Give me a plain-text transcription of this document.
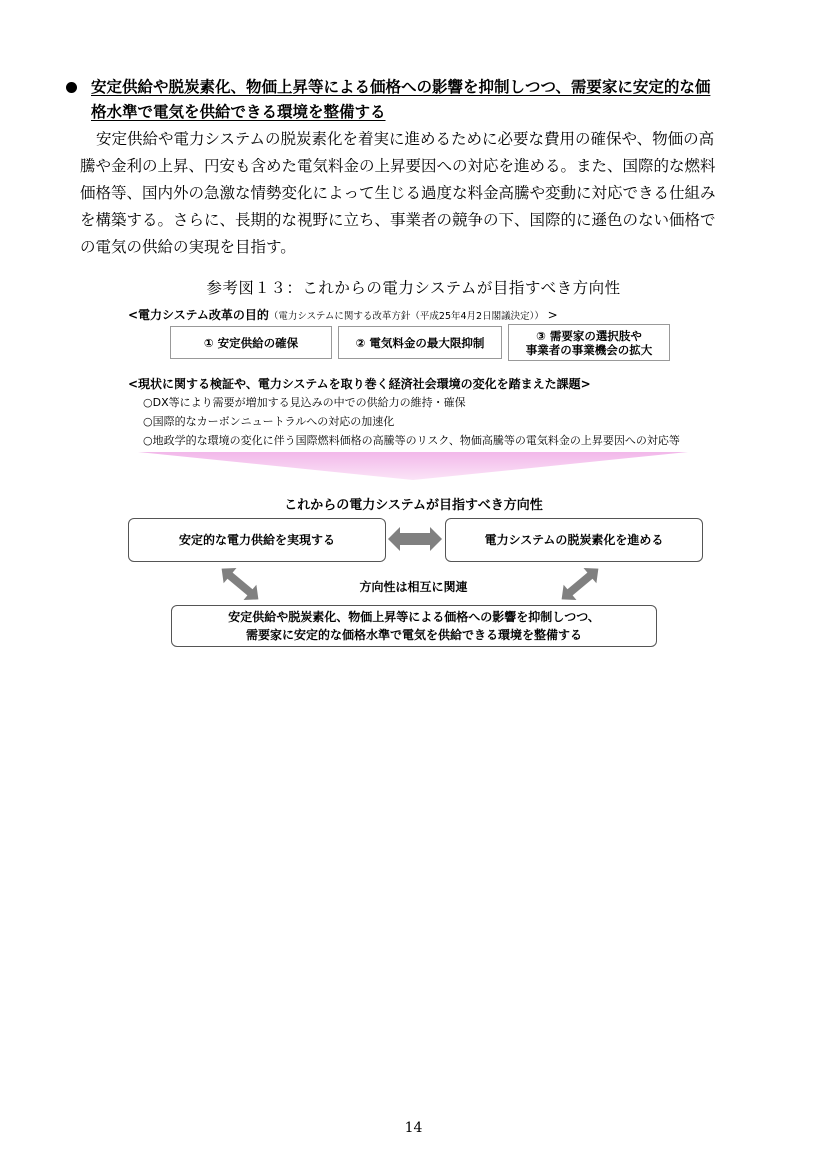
安定供給や脱炭素化、物価上昇等による価格への影響を抑制しつつ、需要家に安定的な価
格水準で電気を供給できる環境を整備する
安定供給や電力システムの脱炭素化を着実に進めるために必要な費用の確保や、物価の高
騰や金利の上昇、円安も含めた電気料金の上昇要因への対応を進める。また、国際的な燃料
価格等、国内外の急激な情勢変化によって生じる過度な料金高騰や変動に対応できる仕組み
を構築する。さらに、長期的な視野に立ち、事業者の競争の下、国際的に遜色のない価格で
の電気の供給の実現を目指す。
参考図１３：これからの電力システムが目指すべき方向性
<電力システム改革の目的（電力システムに関する改革方針（平成25年4月2日閣議決定）） >
① 安定供給の確保	② 電気料金の最大限抑制	③ 需要家の選択肢や
事業者の事業機会の拡大
<現状に関する検証や、電力システムを取り巻く経済社会環境の変化を踏まえた課題>
○DX等により需要が増加する見込みの中での供給力の維持・確保
○国際的なカーボンニュートラルへの対応の加速化
○地政学的な環境の変化に伴う国際燃料価格の高騰等のリスク、物価高騰等の電気料金の上昇要因への対応等
これからの電力システムが目指すべき方向性
安定的な電力供給を実現する	電力システムの脱炭素化を進める
方向性は相互に関連
安定供給や脱炭素化、物価上昇等による価格への影響を抑制しつつ、
需要家に安定的な価格水準で電気を供給できる環境を整備する
14
